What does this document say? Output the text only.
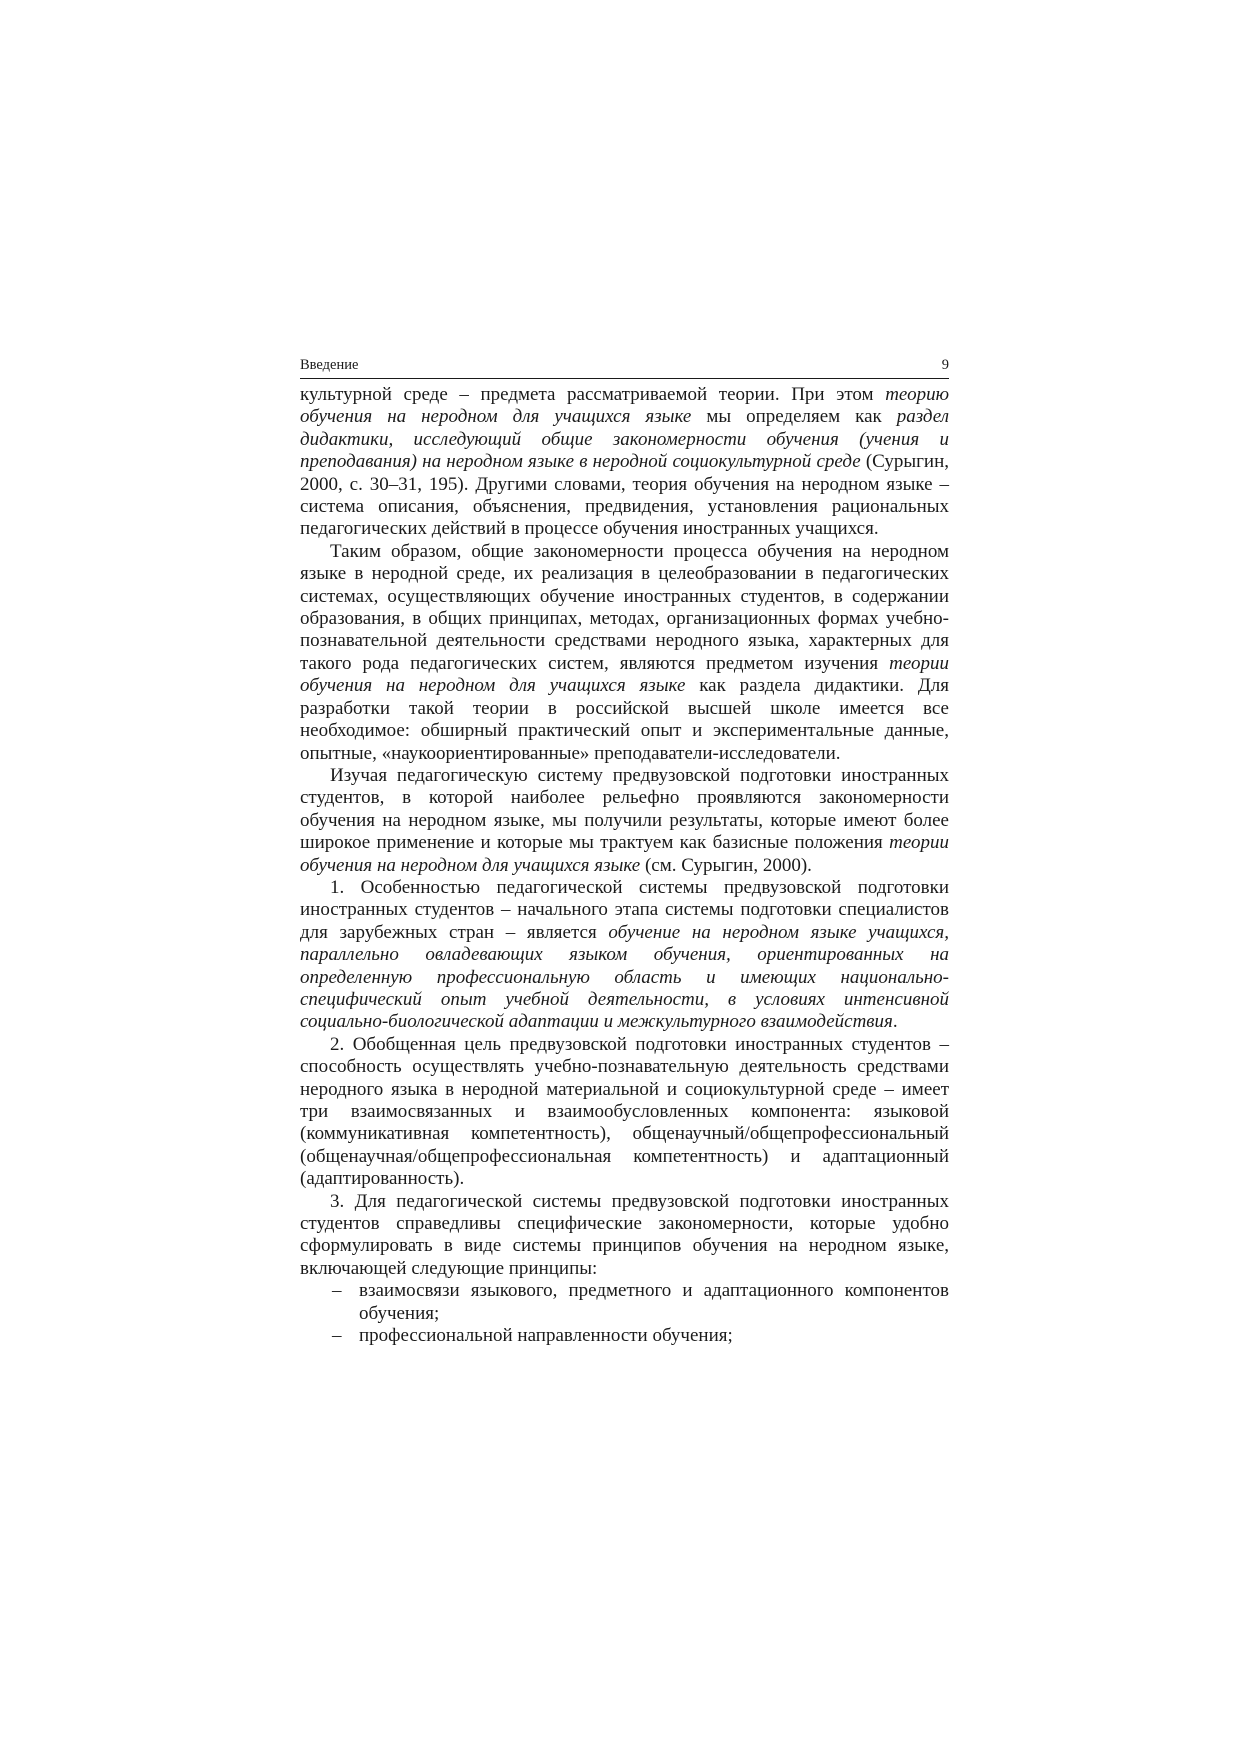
Введение	9

культурной среде – предмета рассматриваемой теории. При этом теорию обучения на неродном для учащихся языке мы определяем как раздел дидактики, исследующий общие закономерности обучения (учения и преподавания) на неродном языке в неродной социокультурной среде (Сурыгин, 2000, с. 30–31, 195). Другими словами, теория обучения на неродном языке – система описания, объяснения, предвидения, установления рациональных педагогических действий в процессе обучения иностранных учащихся.

Таким образом, общие закономерности процесса обучения на неродном языке в неродной среде, их реализация в целеобразовании в педагогических системах, осуществляющих обучение иностранных студентов, в содержании образования, в общих принципах, методах, организационных формах учебно-познавательной деятельности средствами неродного языка, характерных для такого рода педагогических систем, являются предметом изучения теории обучения на неродном для учащихся языке как раздела дидактики. Для разработки такой теории в российской высшей школе имеется все необходимое: обширный практический опыт и экспериментальные данные, опытные, «наукоориентированные» преподаватели-исследователи.

Изучая педагогическую систему предвузовской подготовки иностранных студентов, в которой наиболее рельефно проявляются закономерности обучения на неродном языке, мы получили результаты, которые имеют более широкое применение и которые мы трактуем как базисные положения теории обучения на неродном для учащихся языке (см. Сурыгин, 2000).

1. Особенностью педагогической системы предвузовской подготовки иностранных студентов – начального этапа системы подготовки специалистов для зарубежных стран – является обучение на неродном языке учащихся, параллельно овладевающих языком обучения, ориентированных на определенную профессиональную область и имеющих национально-специфический опыт учебной деятельности, в условиях интенсивной социально-биологической адаптации и межкультурного взаимодействия.

2. Обобщенная цель предвузовской подготовки иностранных студентов – способность осуществлять учебно-познавательную деятельность средствами неродного языка в неродной материальной и социокультурной среде – имеет три взаимосвязанных и взаимообусловленных компонента: языковой (коммуникативная компетентность), общенаучный/общепрофессиональный (общенаучная/общепрофессиональная компетентность) и адаптационный (адаптированность).

3. Для педагогической системы предвузовской подготовки иностранных студентов справедливы специфические закономерности, которые удобно сформулировать в виде системы принципов обучения на неродном языке, включающей следующие принципы:

– взаимосвязи языкового, предметного и адаптационного компонентов обучения;
– профессиональной направленности обучения;
